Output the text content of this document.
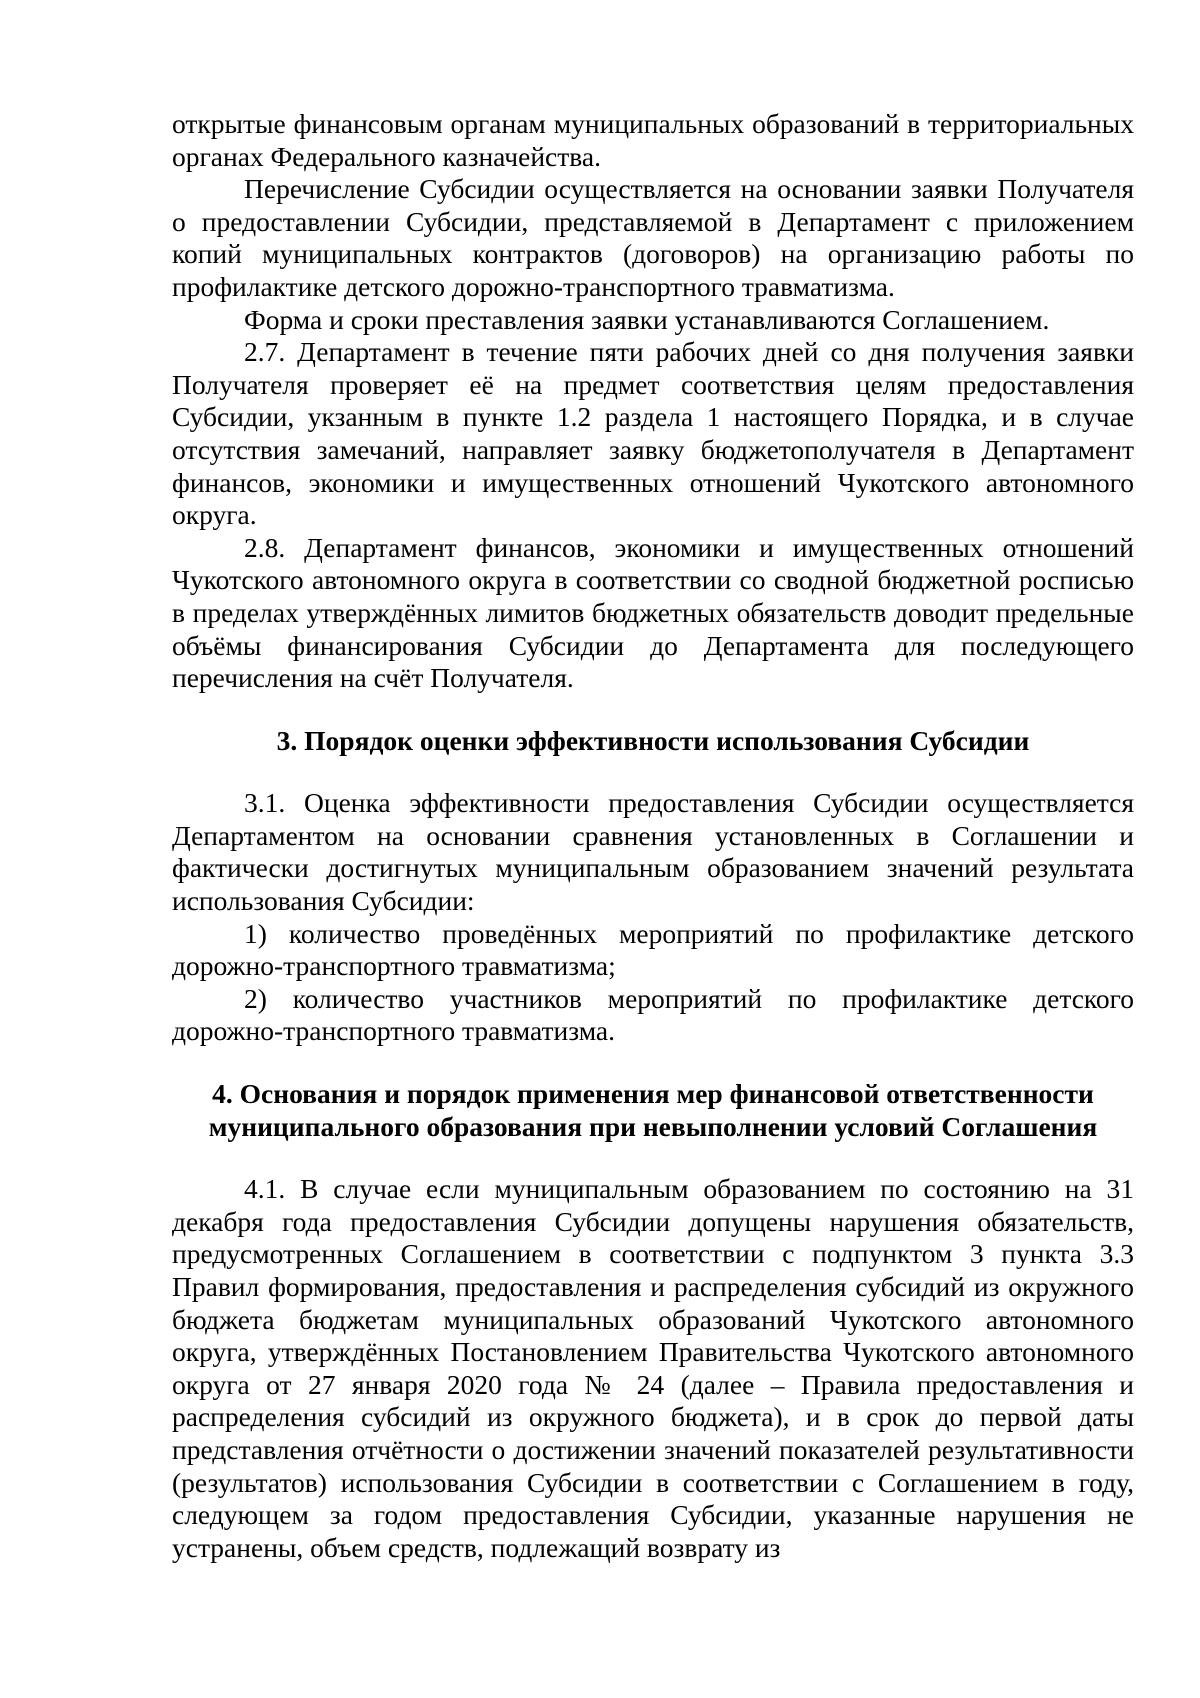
открытые финансовым органам муниципальных образований в территориальных органах Федерального казначейства.

Перечисление Субсидии осуществляется на основании заявки Получателя о предоставлении Субсидии, представляемой в Департамент с приложением копий муниципальных контрактов (договоров) на организацию работы по профилактике детского дорожно-транспортного травматизма.

Форма и сроки преставления заявки устанавливаются Соглашением.

2.7. Департамент в течение пяти рабочих дней со дня получения заявки Получателя проверяет её на предмет соответствия целям предоставления Субсидии, укзанным в пункте 1.2 раздела 1 настоящего Порядка, и в случае отсутствия замечаний, направляет заявку бюджетополучателя в Департамент финансов, экономики и имущественных отношений Чукотского автономного округа.

2.8. Департамент финансов, экономики и имущественных отношений Чукотского автономного округа в соответствии со сводной бюджетной росписью в пределах утверждённых лимитов бюджетных обязательств доводит предельные объёмы финансирования Субсидии до Департамента для последующего перечисления на счёт Получателя.

3. Порядок оценки эффективности использования Субсидии

3.1. Оценка эффективности предоставления Субсидии осуществляется Департаментом на основании сравнения установленных в Соглашении и фактически достигнутых муниципальным образованием значений результата использования Субсидии:

1) количество проведённых мероприятий по профилактике детского дорожно-транспортного травматизма;

2) количество участников мероприятий по профилактике детского дорожно-транспортного травматизма.

4. Основания и порядок применения мер финансовой ответственности
муниципального образования при невыполнении условий Соглашения

4.1. В случае если муниципальным образованием по состоянию на 31 декабря года предоставления Субсидии допущены нарушения обязательств, предусмотренных Соглашением в соответствии с подпунктом 3 пункта 3.3 Правил формирования, предоставления и распределения субсидий из окружного бюджета бюджетам муниципальных образований Чукотского автономного округа, утверждённых Постановлением Правительства Чукотского автономного округа от 27 января 2020 года № 24 (далее – Правила предоставления и распределения субсидий из окружного бюджета), и в срок до первой даты представления отчётности о достижении значений показателей результативности (результатов) использования Субсидии в соответствии с Соглашением в году, следующем за годом предоставления Субсидии, указанные нарушения не устранены, объем средств, подлежащий возврату из
